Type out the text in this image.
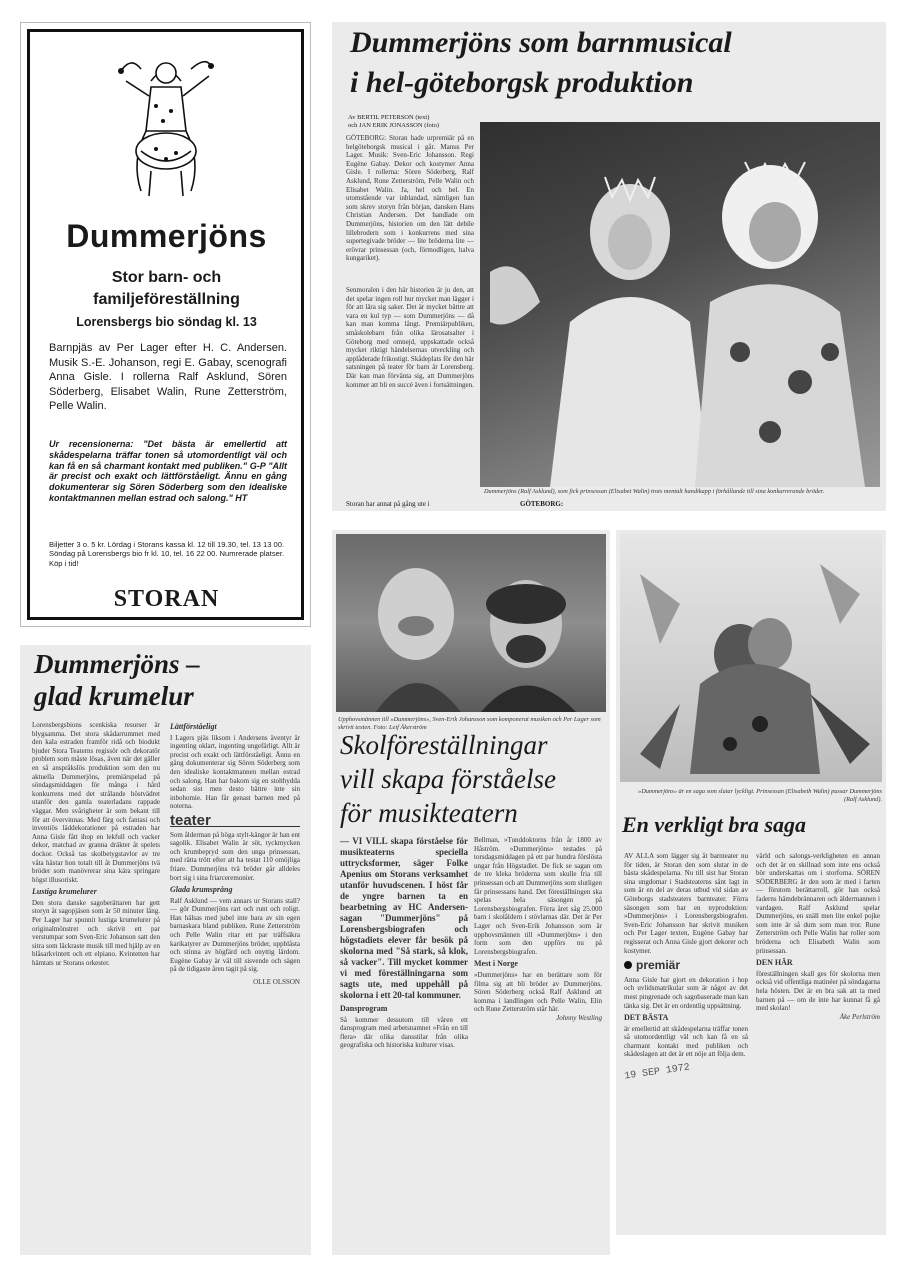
Dummerjöns
Stor barn- och
familjeföreställning
Lorensbergs bio söndag kl. 13
Barnpjäs av Per Lager efter H. C. Andersen. Musik S.-E. Johanson, regi E. Gabay, scenografi Anna Gisle. I rollerna Ralf Asklund, Sören Söderberg, Elisabet Walin, Rune Zetterström, Pelle Walin.
Ur recensionerna: "Det bästa är emellertid att skådespelarna träffar tonen så utomordentligt väl och kan få en så charmant kontakt med publiken." G-P "Allt är precist och exakt och lättförståeligt. Ännu en gång dokumenterar sig Sören Söderberg som den idealiske kontaktmannen mellan estrad och salong." HT
Biljetter 3 o. 5 kr. Lördag i Storans kassa kl. 12 till 19.30, tel. 13 13 00. Söndag på Lorensbergs bio fr kl. 10, tel. 16 22 00. Numrerade platser. Köp i tid!
STORAN
Dummerjöns som barnmusical
i hel-göteborgsk produktion
Av BERTIL PETERSON (text)
och JAN ERIK JONASSON (foto)
GÖTEBORG: Storan hade urpremiär på en helgöteborgsk musical i går. Manus Per Lager. Musik: Sven-Eric Johansson. Regi Eugène Gabay. Dekor och kostymer Anna Gisle. I rollerna: Sören Söderberg, Ralf Asklund, Rune Zetterström, Pelle Walin och Elisabet Walin. Ja, hel och bel. En utomstående var inblandad, nämligen han som skrev storyn från början, dansken Hans Christian Andersen. Det handlade om Dummerjöns, historien om den lätt debile lillebrodern som i konkurrens med sina supertegivade bröder — lite bröderna lite — erövrar prinsessan (och, förmodligen, halva kungariket).
Senmoralen i den här historien är ju den, att det spelar ingen roll hur mycket man lägger i för att lära sig saker. Det är mycket bättre att vara en kul typ — som Dummerjöns — då kan man komma långt. Premiärpubliken, småskolebarn från olika lärosatsalter i Göteborg med omnejd, uppskattade också mycket riktigt händelsernas utveckling och applåderade frikostigt. Skådeplats för den här satsningen på teater för barn är Lorensberg. Där kan man förvänta sig, att Dummerjöns kommer att bli en succé även i fortsättningen.
Dummerjöns (Ralf Asklund), som fick prinsessan (Elisabet Walin) trots mentalt handikapp i förhållande till sina konkurrerande bröder.
Storan har annat på gång ute i	GÖTEBORG:
Dummerjöns –
glad krumelur
Lorensbergsbions scenkiska resurser är blygsamma. Det stora skådarrummet med den kala estraden framför ridå och biodukt bjuder Stora Teaterns regissör och dekoratör problem som måste lösas, även när det gäller en så anspråkslös produktion som den nu aktuella Dummerjöns, premiärspelad på söndagsmiddagen för många i hård konkurrens med det strålande höstvädret utanför den gamla teaterladans rappade väggar. Men svårigheter är som bekant till för att övervinnas. Med färg och fantasi och inventiös läddekorationer på estraden har Anna Gisle fått ihop en lekfull och vacker dekor, matchad av granna dräkter åt spelets dockor. Också tas skolbetygstavlor av tre våta hästar hon totalt till åt Dummerjöns tvä bröder som manövrerar sina kära springare högst illusoriskt.
Lustiga krumelurer
Den stora danske sagoberättaren har gett storyn åt sagopjäsen som är 50 minuter lång. Per Lager har spunnit lustiga krumelurer på originalmönstret och skrivit ett par verstumpar som Sven-Eric Johanson satt den sitra som läckraste musik till med hjälp av en blåsarkvintett och ett elpiano. Kvintetten har hämtats ur Storans orkester.
Lättförståeligt
I Lagers pjäs liksom i Andersens äventyr är ingenting oklart, ingenting ungefärligt. Allt är precist och exakt och lättförståeligt. Ännu en gång dokumenterar sig Sören Söderberg som den idealiske kontaktmannen mellan estrad och salong. Han har bakom sig en stolthydda sedan sist men desto bättre inte sin inbohomie. Han får genast barnen med på noterna.
teater
Som ålderman på höga stylt-kängor är han ent sagolik. Elisabet Walin är söt, tyckmycken och krumbepryd som den unga prinsessan, med rätta trött efter att ha testat 110 omöjliga friare. Dummerjöns tvä bröder går alldeles bort sig i sina friarceremonier.
Glada krumsprång
Ralf Asklund — vem annars ur Storans stall? — gör Dummerjöns rart och runt och roligt. Han hälsas med jubel inte bara av sin egen barnaskara bland publiken. Rune Zetterström och Pelle Walin ritar ett par träffsäkra karikatyrer av Dummerjöns bröder, uppblåsta och stinna av högfärd och onyttig lärdom. Eugène Gabay är väl till sisvende och sägen på de tidigaste åren tagit på sig.
OLLE OLSSON
Upphovsmännen till »Dummerjöns», Sven-Erik Johansson som komponerat musiken och Per Lager som skrivit texten. Foto: Leif Åkerström
Skolföreställningar
vill skapa förståelse
för musikteatern
— VI VILL skapa förståelse för musikteaterns speciella uttrycksformer, säger Folke Apenius om Storans verksamhet utanför huvudscenen. I höst får de yngre barnen ta en bearbetning av HC Andersen-sagan "Dummerjöns" på Lorensbergsbiografen och högstadiets elever får besök på skolorna med "Så stark, så klok, så vacker". Till mycket kommer vi med föreställningarna som sagts ute, med uppehåll på skolorna i ett 20-tal kommuner.
Dansprogram
Så kommer dessutom till våren ett dansprogram med arbetsnamnet »Från en till flera» där olika dansstilar från olika geografiska och historiska kulturer visas.
Bellman, »Tunddoktorns från år 1800 av Håström. »Dummerjöns» testades på torsdagsmiddagen på ett par hundra förslösta ungar från Högstadiet. De fick se sagan om de tre kleka bröderna som skulle fria till prinsessan och att Dummerjöns som slutligen får prinsessans hand. Det föreställningen ska spelas hela säsongen på Lorensbergsbiografen. Förra året såg 25.000 barn i skolåldern i stövlarnas där. Det är Per Lager och Sven-Erik Johansson som är upphovsmännen till »Dummerjöns» i den form som den uppförs nu på Lorensbergsbiografen.
Mest i Norge
»Dummerjöns» har en berättare som för filma sig att bli bröder av Dummerjöns. Sören Söderberg också Ralf Asklund att komma i landlingen och Pelle Walin, Elin och Rune Zetterström står här.
Johnny Westling
»Dummerjöns» är en saga som slutar lyckligt. Prinsessan (Elisabeth Walin) pussar Dummerjöns (Ralf Asklund).
En verkligt bra saga
AV ALLA som lägger sig åt barnteater nu för tiden, är Storan den som slutar in de bästa skådespelarna. Nu till sist har Storan sina ungdomar i Stadsteaterns sånt lagt in som är en del av deras utbud vid sidan av Göteborgs stadsteaters barnteater. Förra säsongen som har en nyproduktion: »Dummerjöns» i Lorensbergsbiografen. Sven-Eric Johansson har skrivit musiken och Per Lager texten, Eugène Gabay har regisserat och Anna Gisle gjort dekorer och kostymer.
premiär
Anna Gisle har gjort en dekoration i hop och uvlidsmatrikular som är något av det mest pingrenade och sagobaserade man kan tänka sig. Det är en ordentlig uppsättning.
DET BÄSTA
är emellertid att skådespelarna träffar tonen så utomordentligt väl och kan få en så charmant kontakt med publiken och skådeslagen att det är ett nöje att följa dem.
19 SEP 1972
värld och salongs-verkligheten en annan och det är en skillnad som inte ens också bör underskattas om i storforna. SÖREN SÖDERBERG är den som är med i farten — förutom berättarroll, gör han också faderns hämdebrännaren och äldermannen i vardagen. Ralf Asklund spelar Dummerjöns, en snäll men lite enkel pojke som inte är så dum som man tror. Rune Zetterström och Pelle Walin har roller som bröderna och Elisabeth Walin som prinsessan.
DEN HÄR
föreställningen skall ges för skolorna men också vid offentliga matinéer på söndagarna hela hösten. Det är en bra sak att ta med barnen på — om de inte har kunnat få gå med skolan!
Åke Perlström
